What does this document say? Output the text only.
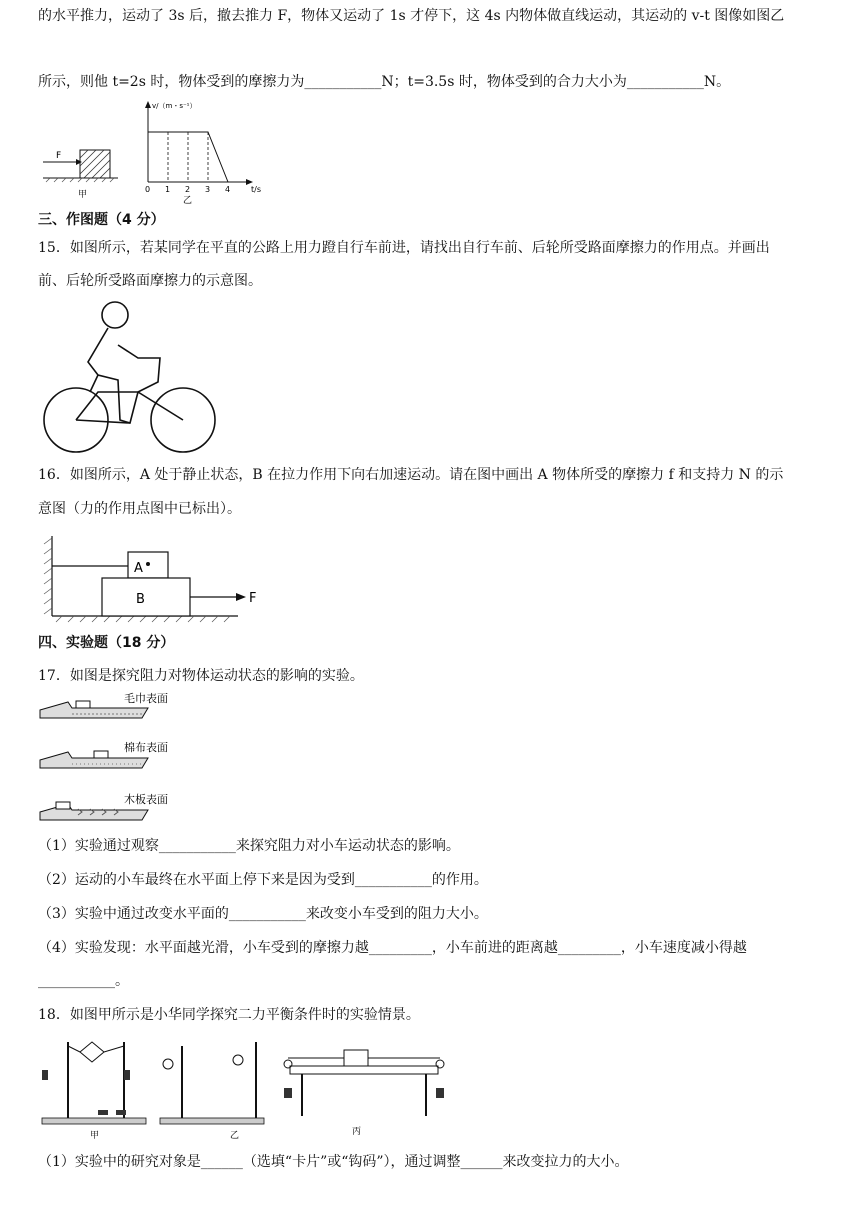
的水平推力，运动了 3s 后，撤去推力 F，物体又运动了 1s 才停下，这 4s 内物体做直线运动，其运动的 v-t 图像如图乙
所示，则他 t=2s 时，物体受到的摩擦力为___________N；t=3.5s 时，物体受到的合力大小为___________N。
F
甲
v/（m・s⁻¹）
0 1 2 3 4	t/s
乙
三、作图题（4 分）
15．如图所示，若某同学在平直的公路上用力蹬自行车前进，请找出自行车前、后轮所受路面摩擦力的作用点。并画出
前、后轮所受路面摩擦力的示意图。
16．如图所示，A 处于静止状态，B 在拉力作用下向右加速运动。请在图中画出 A 物体所受的摩擦力 f 和支持力 N 的示
意图（力的作用点图中已标出）。
A
B	F
四、实验题（18 分）
17．如图是探究阻力对物体运动状态的影响的实验。
毛巾表面
棉布表面
木板表面
（1）实验通过观察___________来探究阻力对小车运动状态的影响。
（2）运动的小车最终在水平面上停下来是因为受到___________的作用。
（3）实验中通过改变水平面的___________来改变小车受到的阻力大小。
（4）实验发现：水平面越光滑，小车受到的摩擦力越_________，小车前进的距离越_________，小车速度减小得越
___________。
18．如图甲所示是小华同学探究二力平衡条件时的实验情景。
甲	乙	丙
（1）实验中的研究对象是______（选填“卡片”或“钩码”），通过调整______来改变拉力的大小。
